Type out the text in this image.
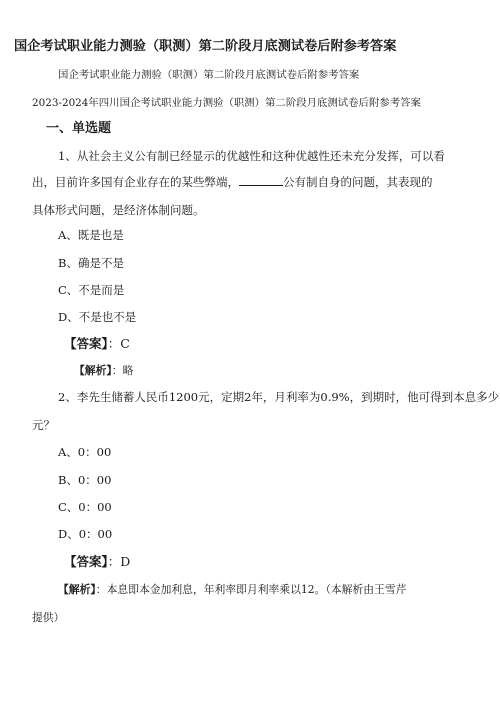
国企考试职业能力测验（职测）第二阶段月底测试卷后附参考答案
国企考试职业能力测验（职测）第二阶段月底测试卷后附参考答案
2023-2024年四川国企考试职业能力测验（职测）第二阶段月底测试卷后附参考答案
一、单选题
1、从社会主义公有制已经显示的优越性和这种优越性还未充分发挥，可以看
出，目前许多国有企业存在的某些弊端，	公有制自身的问题，其表现的
具体形式问题，是经济体制问题。
A、既是也是
B、确是不是
C、不是而是
D、不是也不是
【答案】：C
【解析】：略
2、李先生储蓄人民币1200元，定期2年，月利率为0.9%，到期时，他可得到本息多少
元？
A、0：00
B、0：00
C、0：00
D、0：00
【答案】：D
【解析】：本息即本金加利息，年利率即月利率乘以12。（本解析由王雪芹
提供）
